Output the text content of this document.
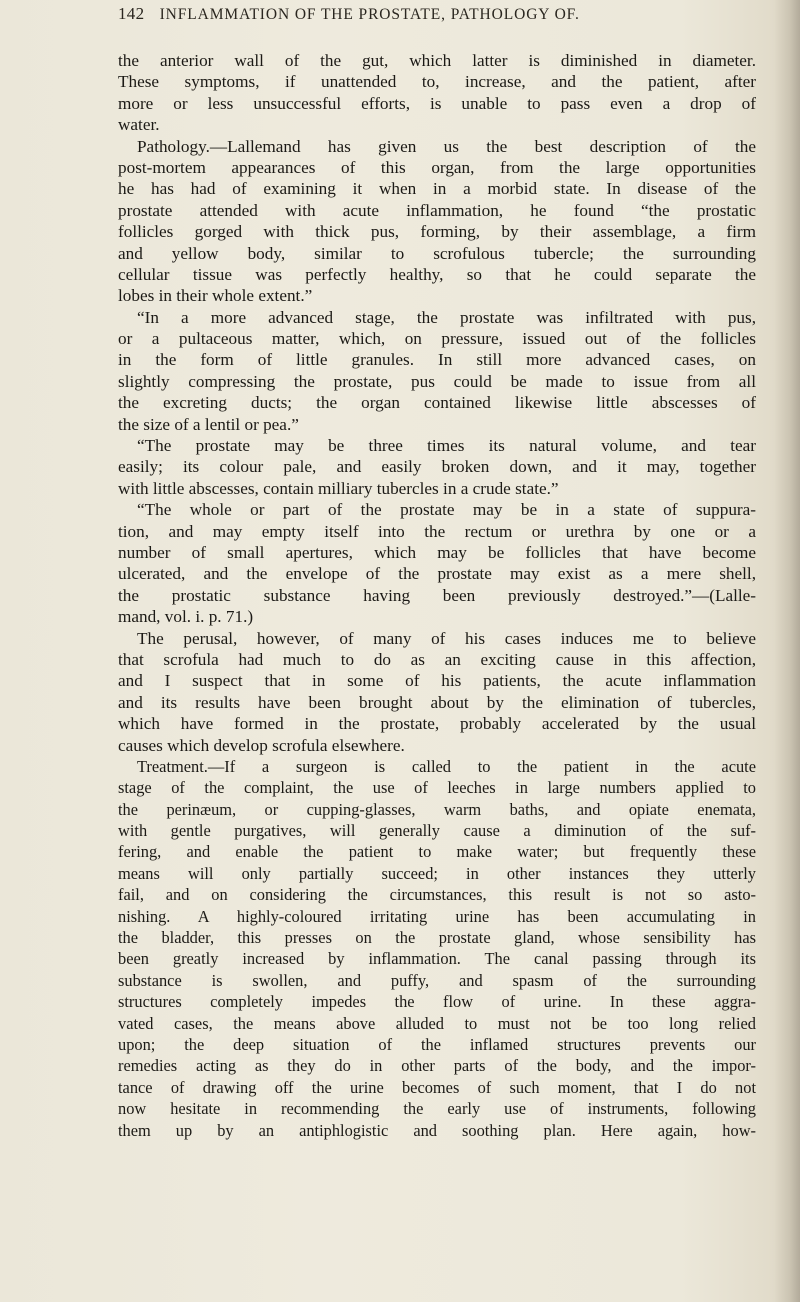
142 INFLAMMATION OF THE PROSTATE, PATHOLOGY OF.
the anterior wall of the gut, which latter is diminished in diameter.
These symptoms, if unattended to, increase, and the patient, after
more or less unsuccessful efforts, is unable to pass even a drop of
water.
Pathology.—Lallemand has given us the best description of the
post-mortem appearances of this organ, from the large opportunities
he has had of examining it when in a morbid state. In disease of the
prostate attended with acute inflammation, he found “the prostatic
follicles gorged with thick pus, forming, by their assemblage, a firm
and yellow body, similar to scrofulous tubercle; the surrounding
cellular tissue was perfectly healthy, so that he could separate the
lobes in their whole extent.”
“In a more advanced stage, the prostate was infiltrated with pus,
or a pultaceous matter, which, on pressure, issued out of the follicles
in the form of little granules. In still more advanced cases, on
slightly compressing the prostate, pus could be made to issue from all
the excreting ducts; the organ contained likewise little abscesses of
the size of a lentil or pea.”
“The prostate may be three times its natural volume, and tear
easily; its colour pale, and easily broken down, and it may, together
with little abscesses, contain milliary tubercles in a crude state.”
“The whole or part of the prostate may be in a state of suppura-
tion, and may empty itself into the rectum or urethra by one or a
number of small apertures, which may be follicles that have become
ulcerated, and the envelope of the prostate may exist as a mere shell,
the prostatic substance having been previously destroyed.”—(Lalle-
mand, vol. i. p. 71.)
The perusal, however, of many of his cases induces me to believe
that scrofula had much to do as an exciting cause in this affection,
and I suspect that in some of his patients, the acute inflammation
and its results have been brought about by the elimination of tubercles,
which have formed in the prostate, probably accelerated by the usual
causes which develop scrofula elsewhere.
Treatment.—If a surgeon is called to the patient in the acute
stage of the complaint, the use of leeches in large numbers applied to
the perinæum, or cupping-glasses, warm baths, and opiate enemata,
with gentle purgatives, will generally cause a diminution of the suf-
fering, and enable the patient to make water; but frequently these
means will only partially succeed; in other instances they utterly
fail, and on considering the circumstances, this result is not so asto-
nishing. A highly-coloured irritating urine has been accumulating in
the bladder, this presses on the prostate gland, whose sensibility has
been greatly increased by inflammation. The canal passing through its
substance is swollen, and puffy, and spasm of the surrounding
structures completely impedes the flow of urine. In these aggra-
vated cases, the means above alluded to must not be too long relied
upon; the deep situation of the inflamed structures prevents our
remedies acting as they do in other parts of the body, and the impor-
tance of drawing off the urine becomes of such moment, that I do not
now hesitate in recommending the early use of instruments, following
them up by an antiphlogistic and soothing plan. Here again, how-
